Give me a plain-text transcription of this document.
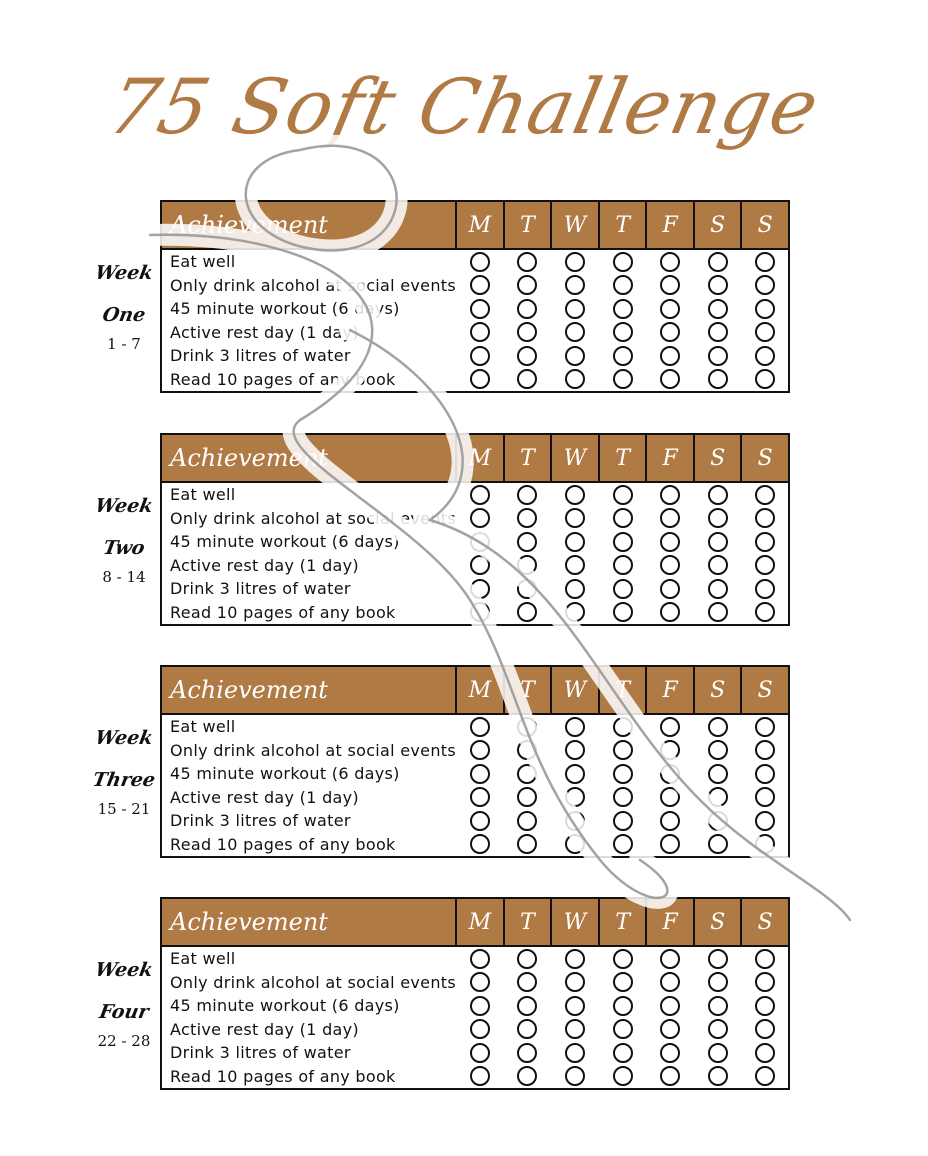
75 Soft Challenge
Week
One
1 - 7
Achievement	M	T	W	T	F	S	S
Eat well							
Only drink alcohol at social events							
45 minute workout (6 days)							
Active rest day (1 day)							
Drink 3 litres of water							
Read 10 pages of any book							
Week
Two
8 - 14
Achievement	M	T	W	T	F	S	S
Eat well							
Only drink alcohol at social events							
45 minute workout (6 days)							
Active rest day (1 day)							
Drink 3 litres of water							
Read 10 pages of any book							
Week
Three
15 - 21
Achievement	M	T	W	T	F	S	S
Eat well							
Only drink alcohol at social events							
45 minute workout (6 days)							
Active rest day (1 day)							
Drink 3 litres of water							
Read 10 pages of any book							
Week
Four
22 - 28
Achievement	M	T	W	T	F	S	S
Eat well							
Only drink alcohol at social events							
45 minute workout (6 days)							
Active rest day (1 day)							
Drink 3 litres of water							
Read 10 pages of any book							
